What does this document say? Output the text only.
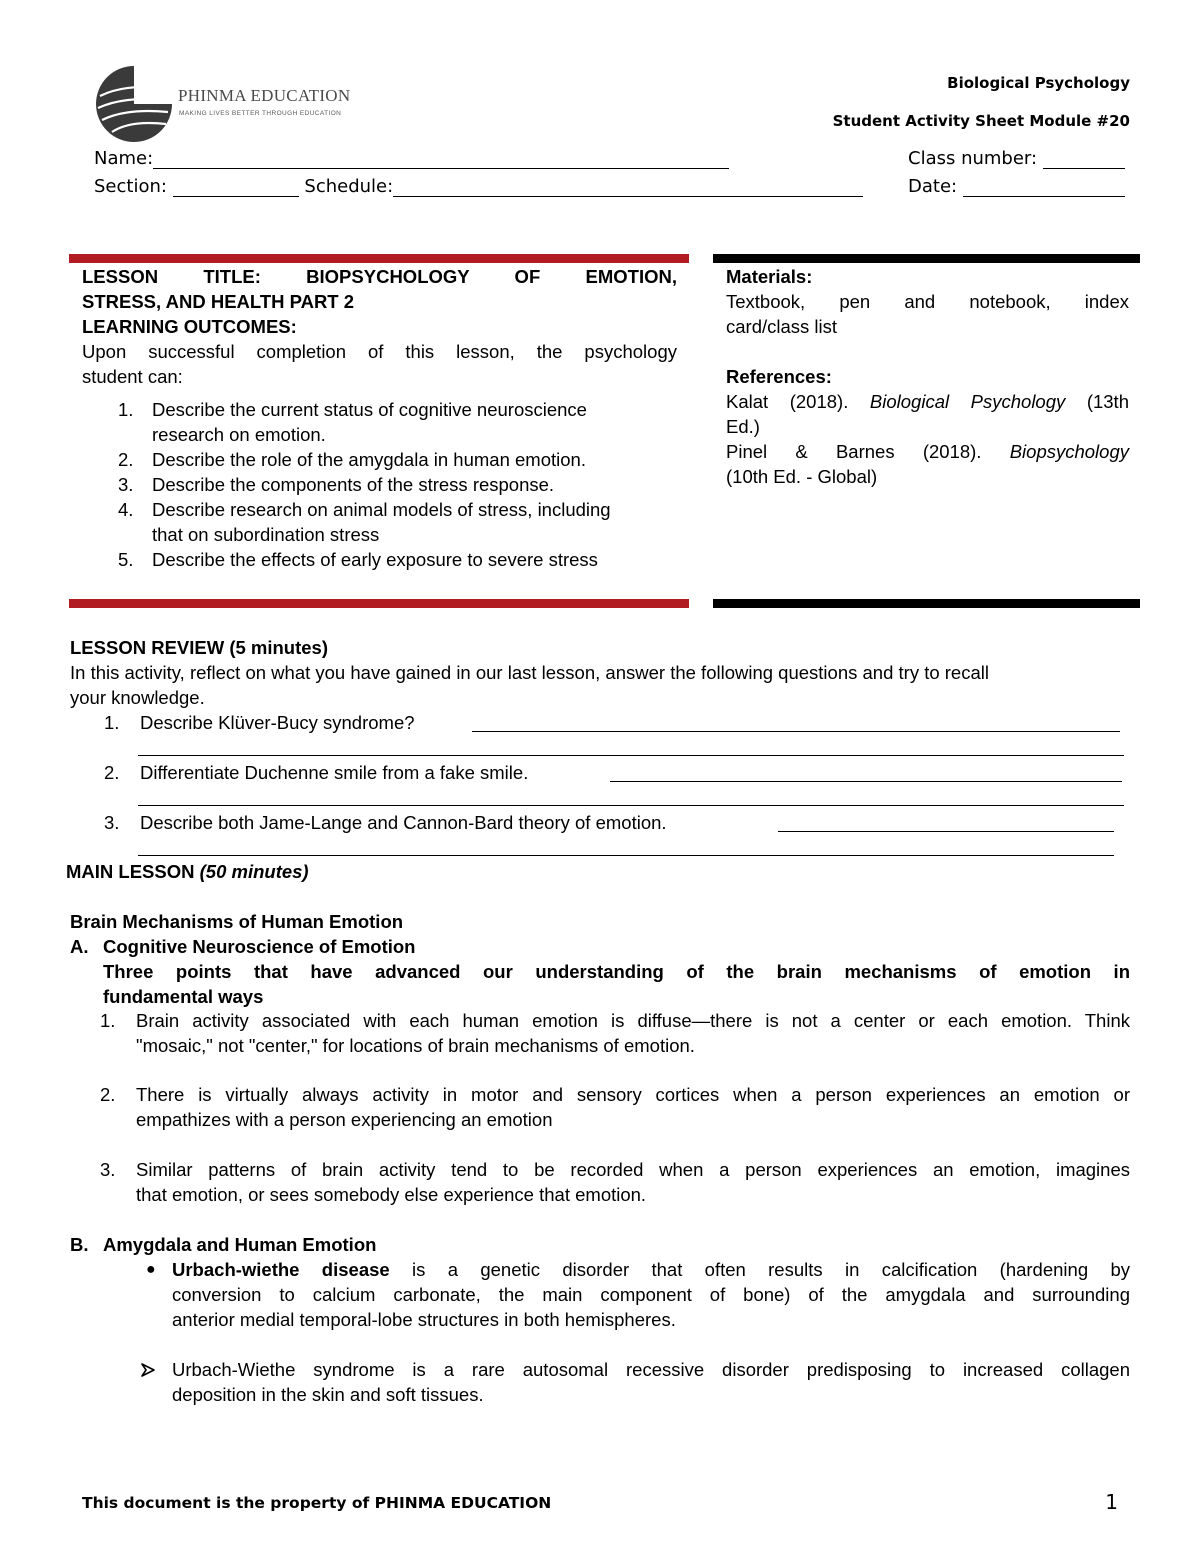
PHINMA EDUCATION
MAKING LIVES BETTER THROUGH EDUCATION
Biological Psychology
Student Activity Sheet Module #20
Name:	Class number:
Section:	Schedule:	Date:
LESSON TITLE: BIOPSYCHOLOGY OF EMOTION,
STRESS, AND HEALTH PART 2
LEARNING OUTCOMES:
Upon successful completion of this lesson, the psychology
student can:
1. Describe the current status of cognitive neuroscience
research on emotion.
2. Describe the role of the amygdala in human emotion.
3. Describe the components of the stress response.
4. Describe research on animal models of stress, including
that on subordination stress
5. Describe the effects of early exposure to severe stress
Materials:
Textbook, pen and notebook, index
card/class list
References:
Kalat (2018). Biological Psychology (13th
Ed.)
Pinel & Barnes (2018). Biopsychology
(10th Ed. - Global)
LESSON REVIEW (5 minutes)
In this activity, reflect on what you have gained in our last lesson, answer the following questions and try to recall
your knowledge.
1. Describe Klüver-Bucy syndrome?
2. Differentiate Duchenne smile from a fake smile.
3. Describe both Jame-Lange and Cannon-Bard theory of emotion.
MAIN LESSON (50 minutes)
Brain Mechanisms of Human Emotion
A. Cognitive Neuroscience of Emotion
Three points that have advanced our understanding of the brain mechanisms of emotion in
fundamental ways
1. Brain activity associated with each human emotion is diffuse—there is not a center or each emotion. Think
"mosaic," not "center," for locations of brain mechanisms of emotion.
2. There is virtually always activity in motor and sensory cortices when a person experiences an emotion or
empathizes with a person experiencing an emotion
3. Similar patterns of brain activity tend to be recorded when a person experiences an emotion, imagines
that emotion, or sees somebody else experience that emotion.
B. Amygdala and Human Emotion
● Urbach-wiethe disease is a genetic disorder that often results in calcification (hardening by
conversion to calcium carbonate, the main component of bone) of the amygdala and surrounding
anterior medial temporal-lobe structures in both hemispheres.
Urbach-Wiethe syndrome is a rare autosomal recessive disorder predisposing to increased collagen
deposition in the skin and soft tissues.
This document is the property of PHINMA EDUCATION	1
